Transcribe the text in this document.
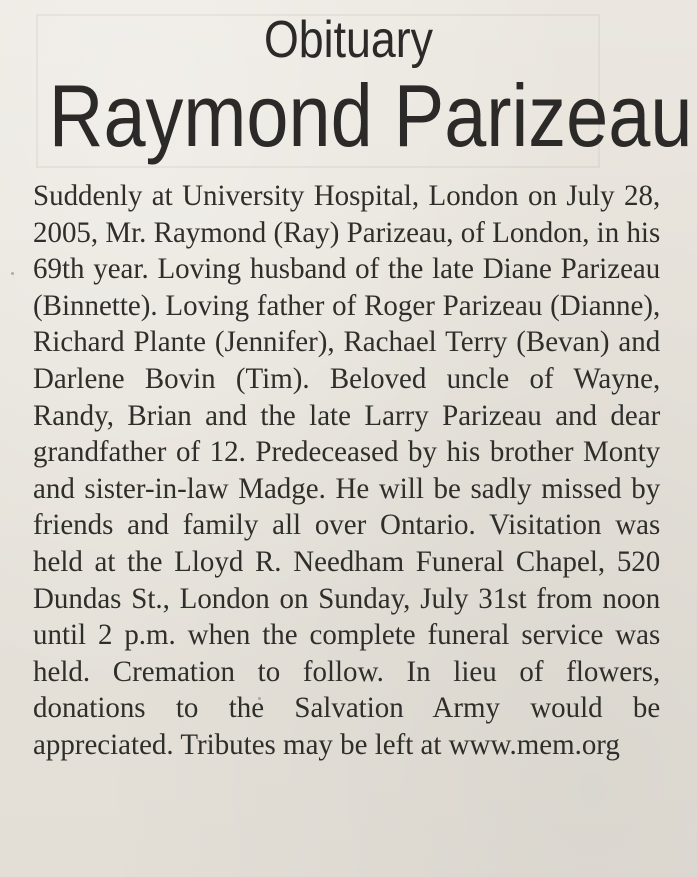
Obituary
Raymond Parizeau

Suddenly at University Hospital, London on July 28, 2005, Mr. Raymond (Ray) Parizeau, of London, in his 69th year. Loving husband of the late Diane Parizeau (Binnette). Loving father of Roger Parizeau (Dianne), Richard Plante (Jennifer), Rachael Terry (Bevan) and Darlene Bovin (Tim). Beloved uncle of Wayne, Randy, Brian and the late Larry Parizeau and dear grandfather of 12. Predeceased by his brother Monty and sister-in-law Madge. He will be sadly missed by friends and family all over Ontario. Visitation was held at the Lloyd R. Needham Funeral Chapel, 520 Dundas St., London on Sunday, July 31st from noon until 2 p.m. when the complete funeral service was held. Cremation to follow. In lieu of flowers, donations to the Salvation Army would be appreciated. Tributes may be left at www.mem.org
